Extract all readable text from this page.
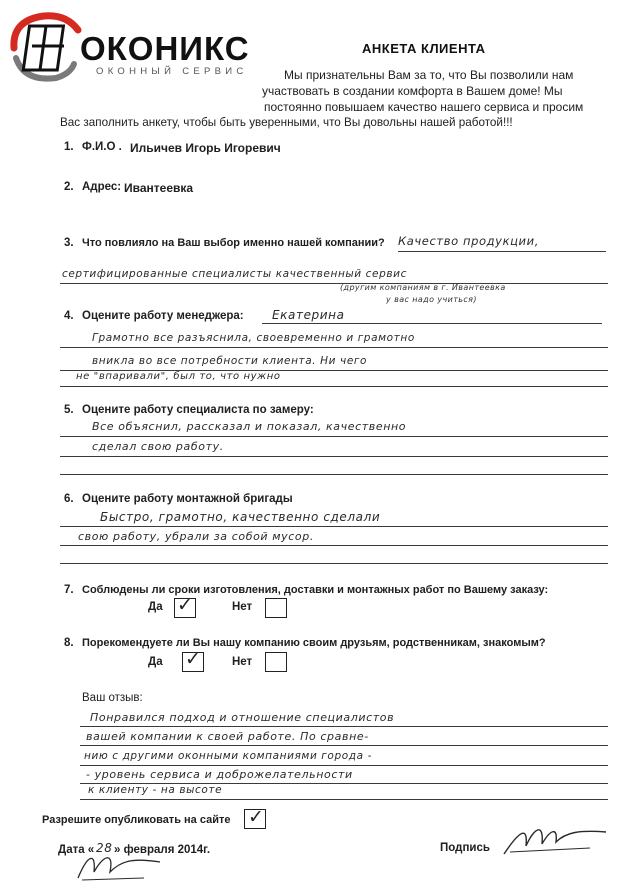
ОКОНИКС
ОКОННЫЙ СЕРВИС
АНКЕТА КЛИЕНТА
Мы признательны Вам за то, что Вы позволили нам
участвовать в создании комфорта в Вашем доме! Мы
постоянно повышаем качество нашего сервиса и просим
Вас заполнить анкету, чтобы быть уверенными, что Вы довольны нашей работой!!!
1. Ф.И.О . Ильичев Игорь Игоревич
2. Адрес: Ивантеевка
3. Что повлияло на Ваш выбор именно нашей компании? Качество продукции,
сертифицированные специалисты качественный сервис
(другим компаниям в г. Ивантеевка
у вас надо учиться)
4. Оцените работу менеджера: Екатерина
Грамотно все разъяснила, своевременно и грамотно
вникла во все потребности клиента. Ни чего
не "впаривали", был то, что нужно
5. Оцените работу специалиста по замеру:
Все объяснил, рассказал и показал, качественно
сделал свою работу.
6. Оцените работу монтажной бригады
Быстро, грамотно, качественно сделали
свою работу, убрали за собой мусор.
7. Соблюдены ли сроки изготовления, доставки и монтажных работ по Вашему заказу:
Да ✓	Нет
8. Порекомендуете ли Вы нашу компанию своим друзьям, родственникам, знакомым?
Да ✓	Нет
Ваш отзыв:
Понравился подход и отношение специалистов
вашей компании к своей работе. По сравне-
нию с другими оконными компаниями города -
- уровень сервиса и доброжелательности
к клиенту - на высоте
Разрешите опубликовать на сайте ✓
Дата « 28 » февраля 2014г.	Подпись
